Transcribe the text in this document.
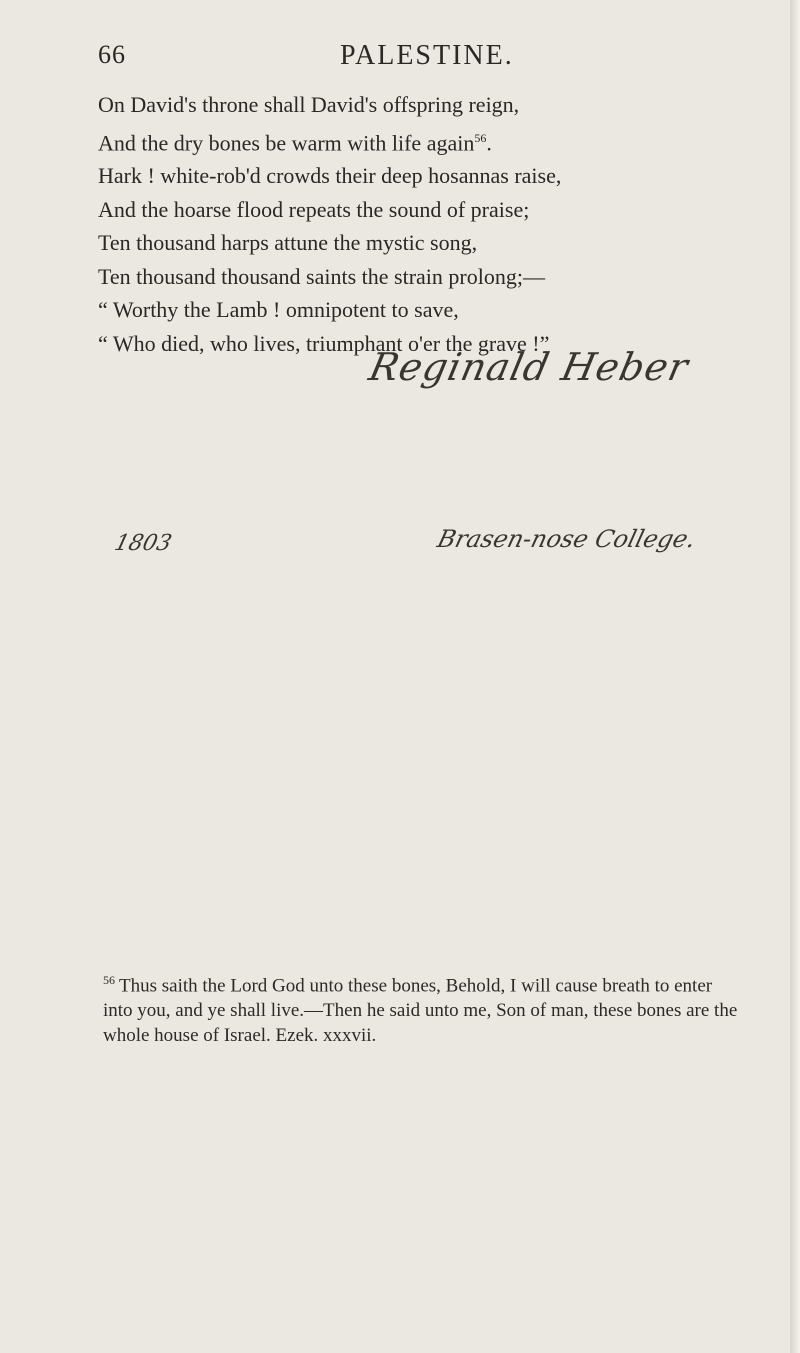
66	PALESTINE.
On David's throne shall David's offspring reign,
And the dry bones be warm with life again$^{56}$.
Hark ! white-rob'd crowds their deep hosannas raise,
And the hoarse flood repeats the sound of praise;
Ten thousand harps attune the mystic song,
Ten thousand thousand saints the strain prolong;—
“ Worthy the Lamb ! omnipotent to save,
“ Who died, who lives, triumphant o'er the grave !”
Reginald Heber
1803	Brasen-nose College.
$^{56}$ Thus saith the Lord God unto these bones, Behold, I will cause breath to enter into you, and ye shall live.—Then he said unto me, Son of man, these bones are the whole house of Israel. Ezek. xxxvii.
